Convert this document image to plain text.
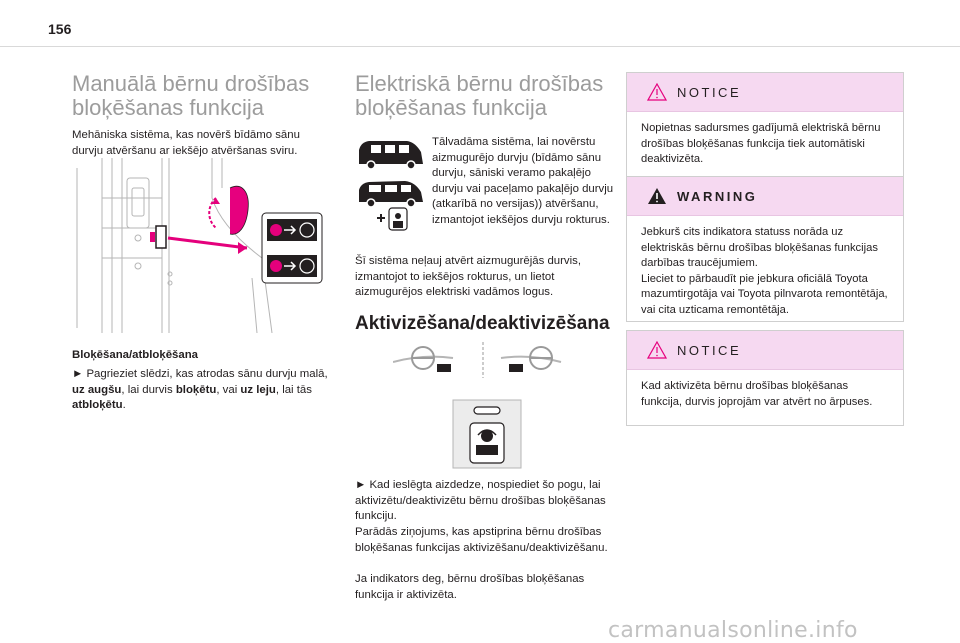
156
Manuālā bērnu drošības
bloķēšanas funkcija

Mehāniska sistēma, kas novērš bīdāmo sānu durvju atvēršanu ar iekšējo atvēršanas sviru.

Bloķēšana/atbloķēšana

► Pagrieziet slēdzi, kas atrodas sānu durvju malā, uz augšu, lai durvis bloķētu, vai uz leju, lai tās atbloķētu.

Elektriskā bērnu drošības
bloķēšanas funkcija

Tālvadāma sistēma, lai novērstu aizmugurējo durvju (bīdāmo sānu durvju, sāniski veramo pakaļējo durvju vai paceļamo pakaļējo durvju (atkarībā no versijas)) atvēršanu, izmantojot iekšējos durvju rokturus.

Šī sistēma neļauj atvērt aizmugurējās durvis, izmantojot to iekšējos rokturus, un lietot aizmugurējos elektriski vadāmos logus.

Aktivizēšana/deaktivizēšana

► Kad ieslēgta aizdedze, nospiediet šo pogu, lai aktivizētu/deaktivizētu bērnu drošības bloķēšanas funkciju.

Parādās ziņojums, kas apstiprina bērnu drošības bloķēšanas funkcijas aktivizēšanu/deaktivizēšanu.

Ja indikators deg, bērnu drošības bloķēšanas funkcija ir aktivizēta.

NOTICE

Nopietnas sadursmes gadījumā elektriskā bērnu drošības bloķēšanas funkcija tiek automātiski deaktivizēta.

WARNING

Jebkurš cits indikatora statuss norāda uz elektriskās bērnu drošības bloķēšanas funkcijas darbības traucējumiem.

Lieciet to pārbaudīt pie jebkura oficiālā Toyota mazumtirgotāja vai Toyota pilnvarota remontētāja, vai cita uzticama remontētāja.

NOTICE

Kad aktivizēta bērnu drošības bloķēšanas funkcija, durvis joprojām var atvērt no ārpuses.

carmanualsonline.info
